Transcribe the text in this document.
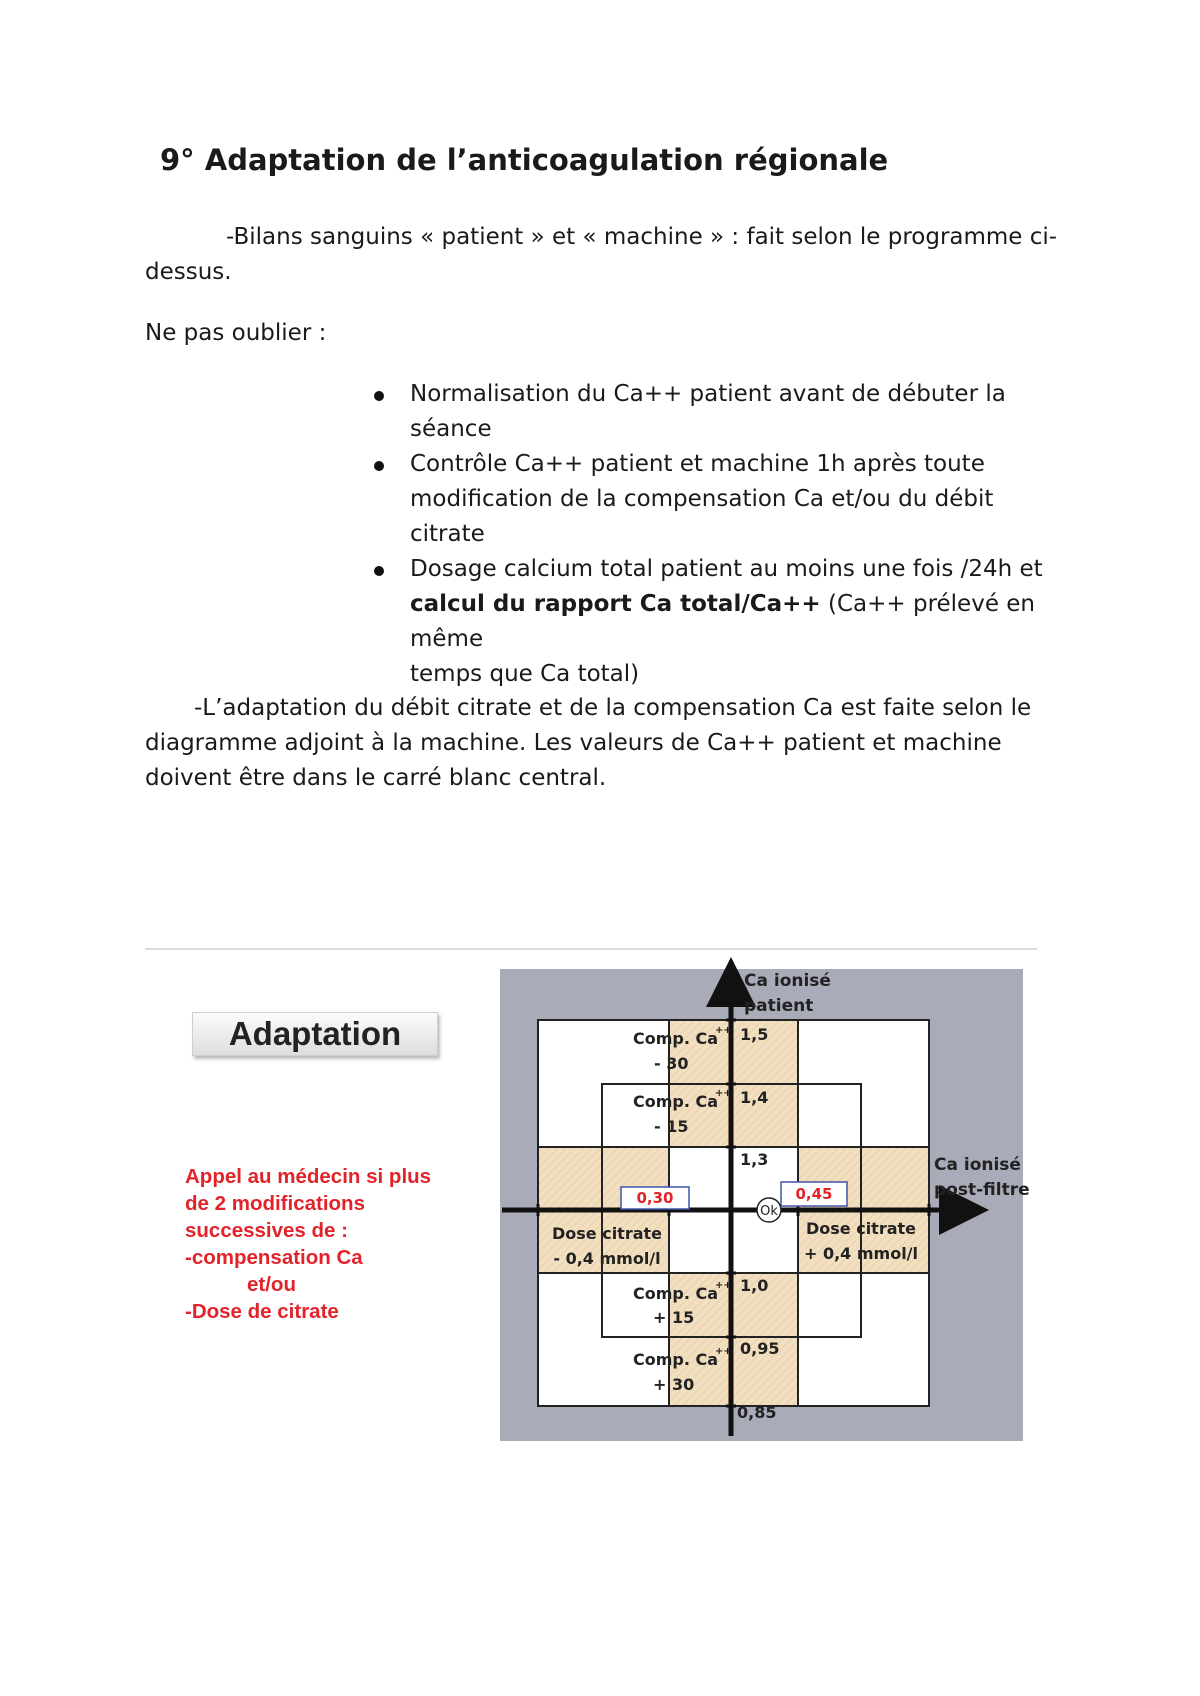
9° Adaptation de l’anticoagulation régionale

-Bilans sanguins « patient » et « machine » : fait selon le programme ci-

dessus.

Ne pas oublier :

Normalisation du Ca++ patient avant de débuter la
séance
Contrôle Ca++ patient et machine 1h après toute
modification de la compensation Ca et/ou du débit
citrate
Dosage calcium total patient au moins une fois /24h et
calcul du rapport Ca total/Ca++ (Ca++ prélevé en même
temps que Ca total)

-L’adaptation du débit citrate et de la compensation Ca est faite selon le

diagramme adjoint à la machine. Les valeurs de Ca++ patient et machine

doivent être dans le carré blanc central.

Adaptation
Appel au médecin si plus
de 2 modifications
successives de :
-compensation Ca
et/ou
-Dose de citrate
Ca ionisé
patient
Ca ionisé
post-filtre
1,5
1,4
1,3
1,0
0,95
0,85
Comp. Ca
++
- 30
Comp. Ca
++
- 15
Comp. Ca
++
+ 15
Comp. Ca
++
+ 30
Dose citrate
- 0,4 mmol/l
Dose citrate
+ 0,4 mmol/l
0,30	0,45
Ok
